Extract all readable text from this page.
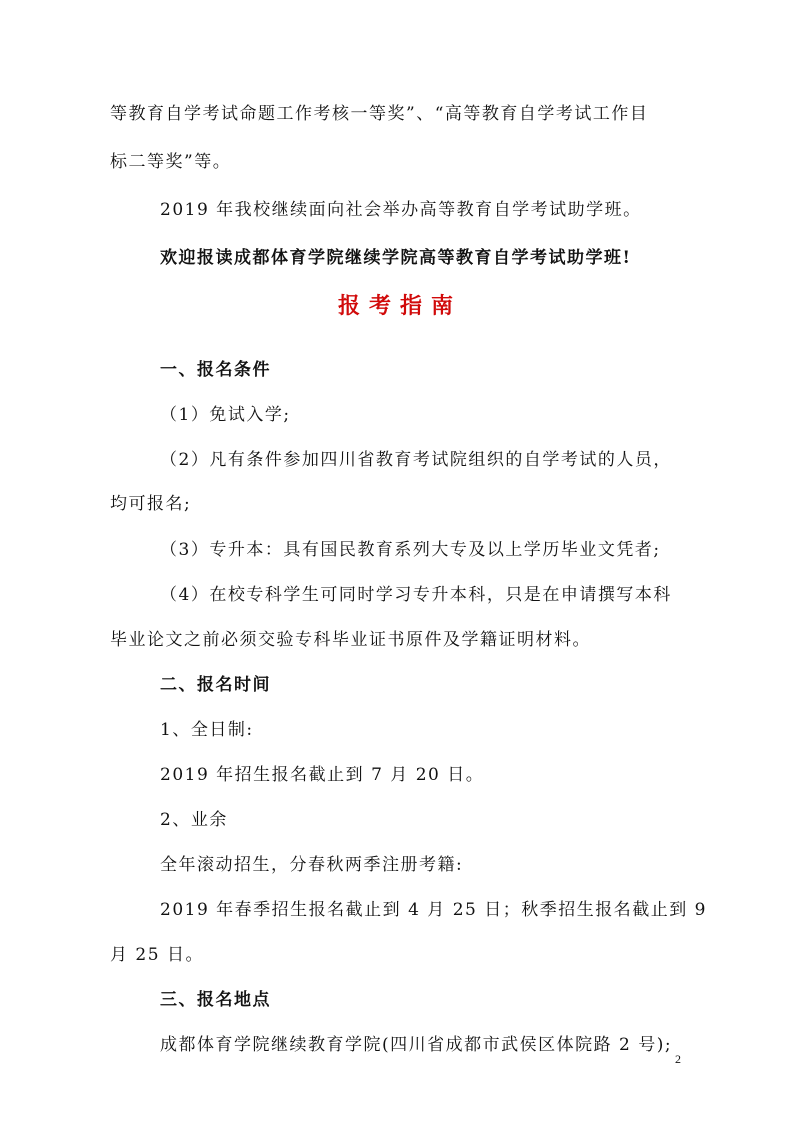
等教育自学考试命题工作考核一等奖”、“高等教育自学考试工作目
标二等奖”等。
2019 年我校继续面向社会举办高等教育自学考试助学班。
欢迎报读成都体育学院继续学院高等教育自学考试助学班!
报考指南
一、报名条件
（1）免试入学;
（2）凡有条件参加四川省教育考试院组织的自学考试的人员，
均可报名;
（3）专升本：具有国民教育系列大专及以上学历毕业文凭者;
（4）在校专科学生可同时学习专升本科，只是在申请撰写本科
毕业论文之前必须交验专科毕业证书原件及学籍证明材料。
二、报名时间
1、全日制:
2019 年招生报名截止到 7 月 20 日。
2、业余
全年滚动招生，分春秋两季注册考籍:
2019 年春季招生报名截止到 4 月 25 日；秋季招生报名截止到 9
月 25 日。
三、报名地点
成都体育学院继续教育学院(四川省成都市武侯区体院路 2 号);
2
